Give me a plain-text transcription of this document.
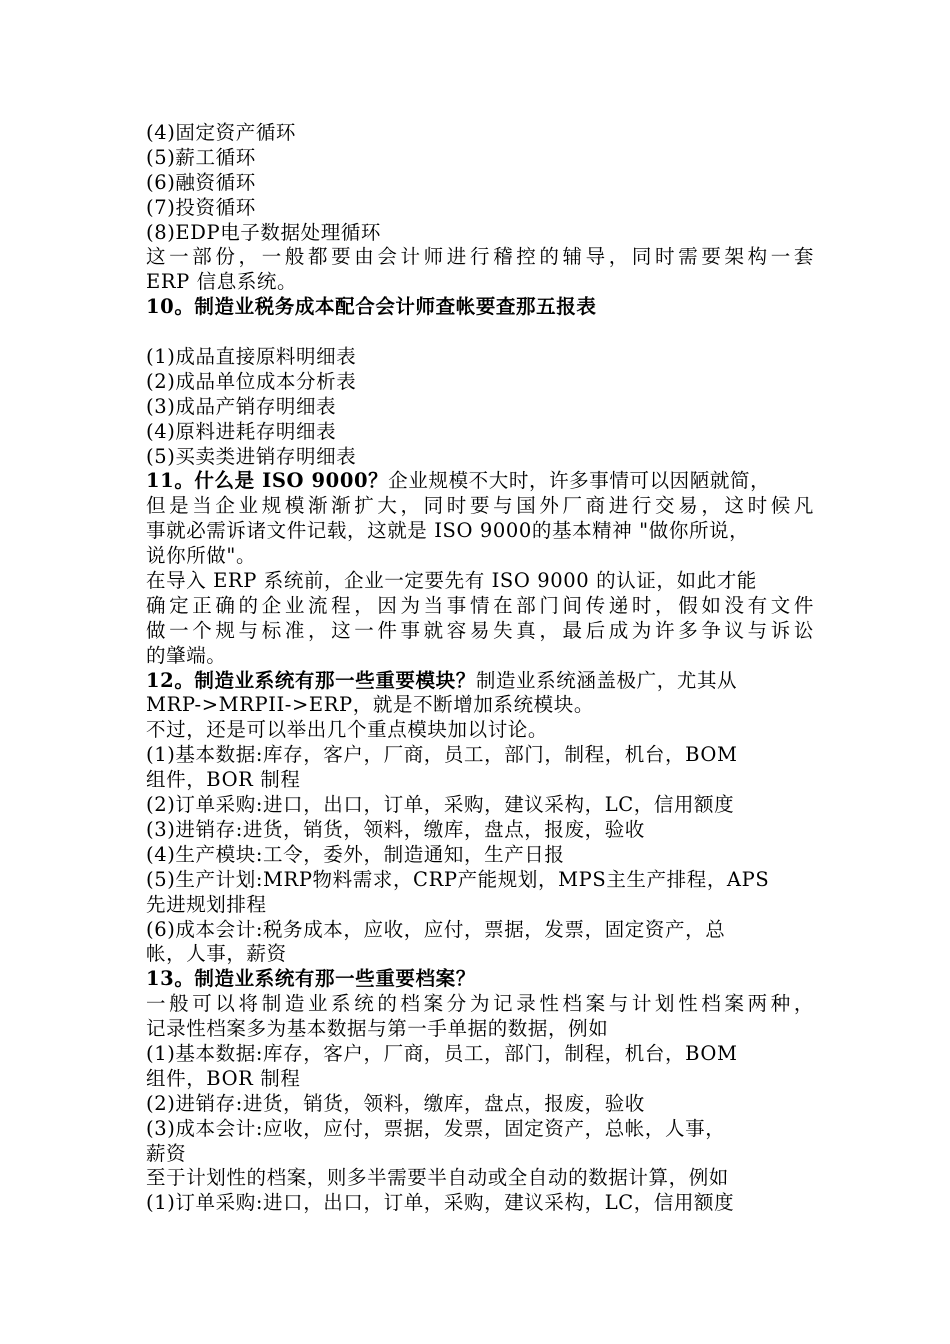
(4)固定资产循环
(5)薪工循环
(6)融资循环
(7)投资循环
(8)EDP电子数据处理循环
这一部份，一般都要由会计师进行稽控的辅导，同时需要架构一套
ERP 信息系统。
10。制造业税务成本配合会计师查帐要查那五报表
(1)成品直接原料明细表
(2)成品单位成本分析表
(3)成品产销存明细表
(4)原料进耗存明细表
(5)买卖类进销存明细表
11。什么是 ISO 9000？企业规模不大时，许多事情可以因陋就简，
但是当企业规模渐渐扩大，同时要与国外厂商进行交易，这时候凡
事就必需诉诸文件记载，这就是 ISO 9000的基本精神 "做你所说，
说你所做"。
在导入 ERP 系统前，企业一定要先有 ISO 9000 的认证，如此才能
确定正确的企业流程，因为当事情在部门间传递时，假如没有文件
做一个规与标准，这一件事就容易失真，最后成为许多争议与诉讼
的肇端。
12。制造业系统有那一些重要模块？制造业系统涵盖极广，尤其从
MRP->MRPII->ERP，就是不断增加系统模块。
不过，还是可以举出几个重点模块加以讨论。
(1)基本数据:库存，客户，厂商，员工，部门，制程，机台，BOM
组件，BOR 制程
(2)订单采购:进口，出口，订单，采购，建议采构，LC，信用额度
(3)进销存:进货，销货，领料，缴库，盘点，报废，验收
(4)生产模块:工令，委外，制造通知，生产日报
(5)生产计划:MRP物料需求，CRP产能规划，MPS主生产排程，APS
先进规划排程
(6)成本会计:税务成本，应收，应付，票据，发票，固定资产，总
帐，人事，薪资
13。制造业系统有那一些重要档案？
一般可以将制造业系统的档案分为记录性档案与计划性档案两种，
记录性档案多为基本数据与第一手单据的数据，例如
(1)基本数据:库存，客户，厂商，员工，部门，制程，机台，BOM
组件，BOR 制程
(2)进销存:进货，销货，领料，缴库，盘点，报废，验收
(3)成本会计:应收，应付，票据，发票，固定资产，总帐，人事，
薪资
至于计划性的档案，则多半需要半自动或全自动的数据计算，例如
(1)订单采购:进口，出口，订单，采购，建议采构，LC，信用额度
